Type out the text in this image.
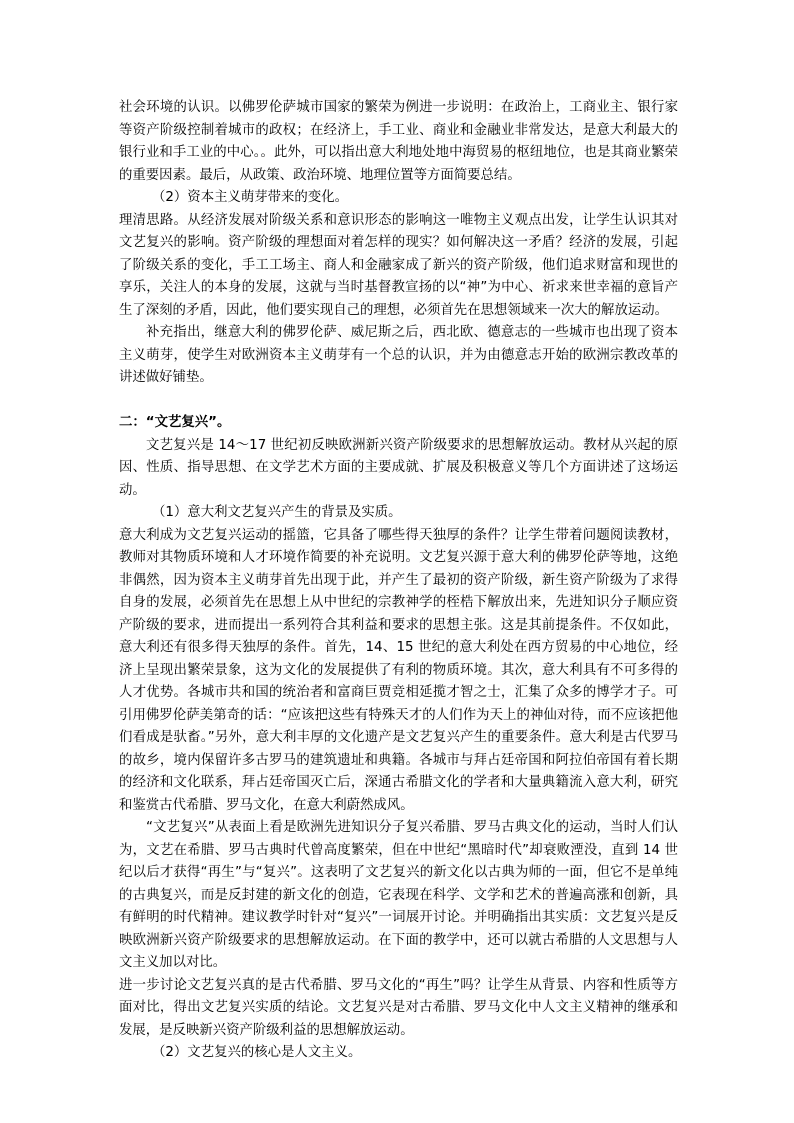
社会环境的认识。以佛罗伦萨城市国家的繁荣为例进一步说明：在政治上，工商业主、银行家等资产阶级控制着城市的政权；在经济上，手工业、商业和金融业非常发达，是意大利最大的银行业和手工业的中心。。此外，可以指出意大利地处地中海贸易的枢纽地位，也是其商业繁荣的重要因素。最后，从政策、政治环境、地理位置等方面简要总结。

（2）资本主义萌芽带来的变化。

理清思路。从经济发展对阶级关系和意识形态的影响这一唯物主义观点出发，让学生认识其对文艺复兴的影响。资产阶级的理想面对着怎样的现实？如何解决这一矛盾？经济的发展，引起了阶级关系的变化，手工工场主、商人和金融家成了新兴的资产阶级，他们追求财富和现世的享乐，关注人的本身的发展，这就与当时基督教宣扬的以“神”为中心、祈求来世幸福的意旨产生了深刻的矛盾，因此，他们要实现自己的理想，必须首先在思想领域来一次大的解放运动。

补充指出，继意大利的佛罗伦萨、威尼斯之后，西北欧、德意志的一些城市也出现了资本主义萌芽，使学生对欧洲资本主义萌芽有一个总的认识，并为由德意志开始的欧洲宗教改革的讲述做好铺垫。

二：“文艺复兴”。

文艺复兴是 14～17 世纪初反映欧洲新兴资产阶级要求的思想解放运动。教材从兴起的原因、性质、指导思想、在文学艺术方面的主要成就、扩展及积极意义等几个方面讲述了这场运动。

（1）意大利文艺复兴产生的背景及实质。

意大利成为文艺复兴运动的摇篮，它具备了哪些得天独厚的条件？让学生带着问题阅读教材，教师对其物质环境和人才环境作简要的补充说明。文艺复兴源于意大利的佛罗伦萨等地，这绝非偶然，因为资本主义萌芽首先出现于此，并产生了最初的资产阶级，新生资产阶级为了求得自身的发展，必须首先在思想上从中世纪的宗教神学的桎梏下解放出来，先进知识分子顺应资产阶级的要求，进而提出一系列符合其利益和要求的思想主张。这是其前提条件。不仅如此，意大利还有很多得天独厚的条件。首先，14、15 世纪的意大利处在西方贸易的中心地位，经济上呈现出繁荣景象，这为文化的发展提供了有利的物质环境。其次，意大利具有不可多得的人才优势。各城市共和国的统治者和富商巨贾竞相延揽才智之士，汇集了众多的博学才子。可引用佛罗伦萨美第奇的话：“应该把这些有特殊天才的人们作为天上的神仙对待，而不应该把他们看成是驮畜。”另外，意大利丰厚的文化遗产是文艺复兴产生的重要条件。意大利是古代罗马的故乡，境内保留许多古罗马的建筑遗址和典籍。各城市与拜占廷帝国和阿拉伯帝国有着长期的经济和文化联系，拜占廷帝国灭亡后，深通古希腊文化的学者和大量典籍流入意大利，研究和鉴赏古代希腊、罗马文化，在意大利蔚然成风。

“文艺复兴”从表面上看是欧洲先进知识分子复兴希腊、罗马古典文化的运动，当时人们认为，文艺在希腊、罗马古典时代曾高度繁荣，但在中世纪“黑暗时代”却衰败湮没，直到 14 世纪以后才获得“再生”与“复兴”。这表明了文艺复兴的新文化以古典为师的一面，但它不是单纯的古典复兴，而是反封建的新文化的创造，它表现在科学、文学和艺术的普遍高涨和创新，具有鲜明的时代精神。建议教学时针对“复兴”一词展开讨论。并明确指出其实质：文艺复兴是反映欧洲新兴资产阶级要求的思想解放运动。在下面的教学中，还可以就古希腊的人文思想与人文主义加以对比。

进一步讨论文艺复兴真的是古代希腊、罗马文化的“再生”吗？让学生从背景、内容和性质等方面对比，得出文艺复兴实质的结论。文艺复兴是对古希腊、罗马文化中人文主义精神的继承和发展，是反映新兴资产阶级利益的思想解放运动。

（2）文艺复兴的核心是人文主义。
